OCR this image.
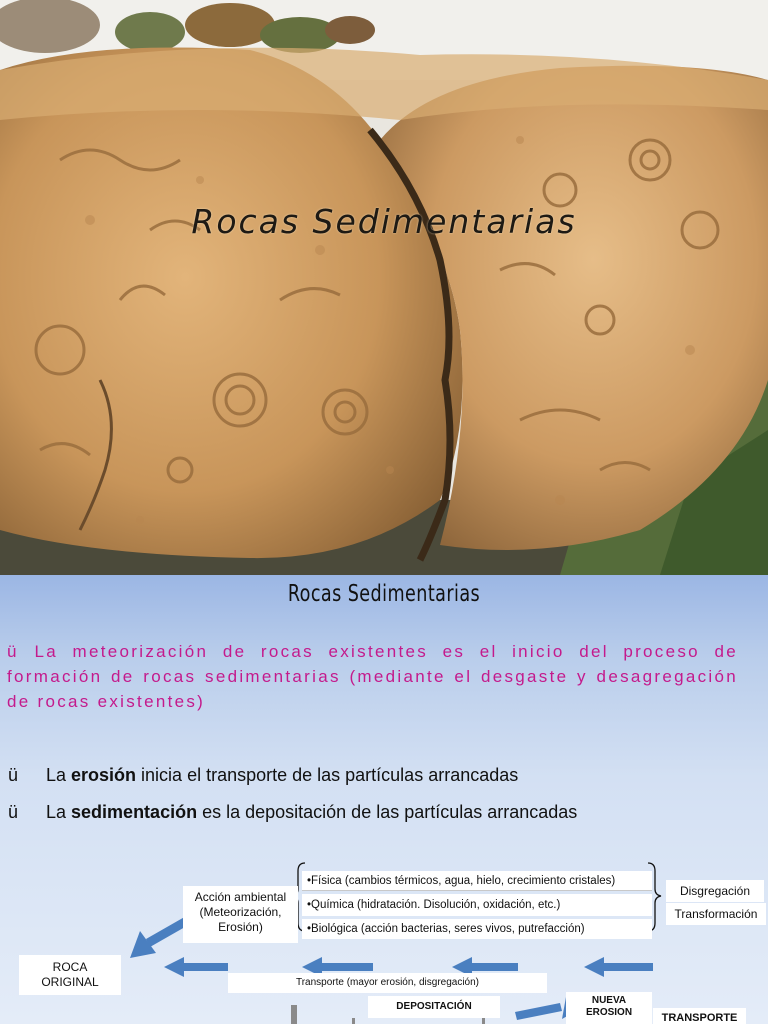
Rocas Sedimentarias
Rocas Sedimentarias
ü La meteorización de rocas existentes es el inicio del proceso de formación de rocas sedimentarias (mediante el desgaste y desagregación de rocas existentes)
ü La erosión inicia el transporte de las partículas arrancadas
ü La sedimentación es la depositación de las partículas arrancadas
Acción ambiental
(Meteorización,
Erosión)
•Física (cambios térmicos, agua, hielo, crecimiento cristales)
•Química (hidratación. Disolución, oxidación, etc.)
•Biológica (acción bacterias, seres vivos, putrefacción)
Disgregación
Transformación
ROCA
ORIGINAL	Transporte (mayor erosión, disgregación)
DEPOSITACIÓN
NUEVA
EROSION	TRANSPORTE
